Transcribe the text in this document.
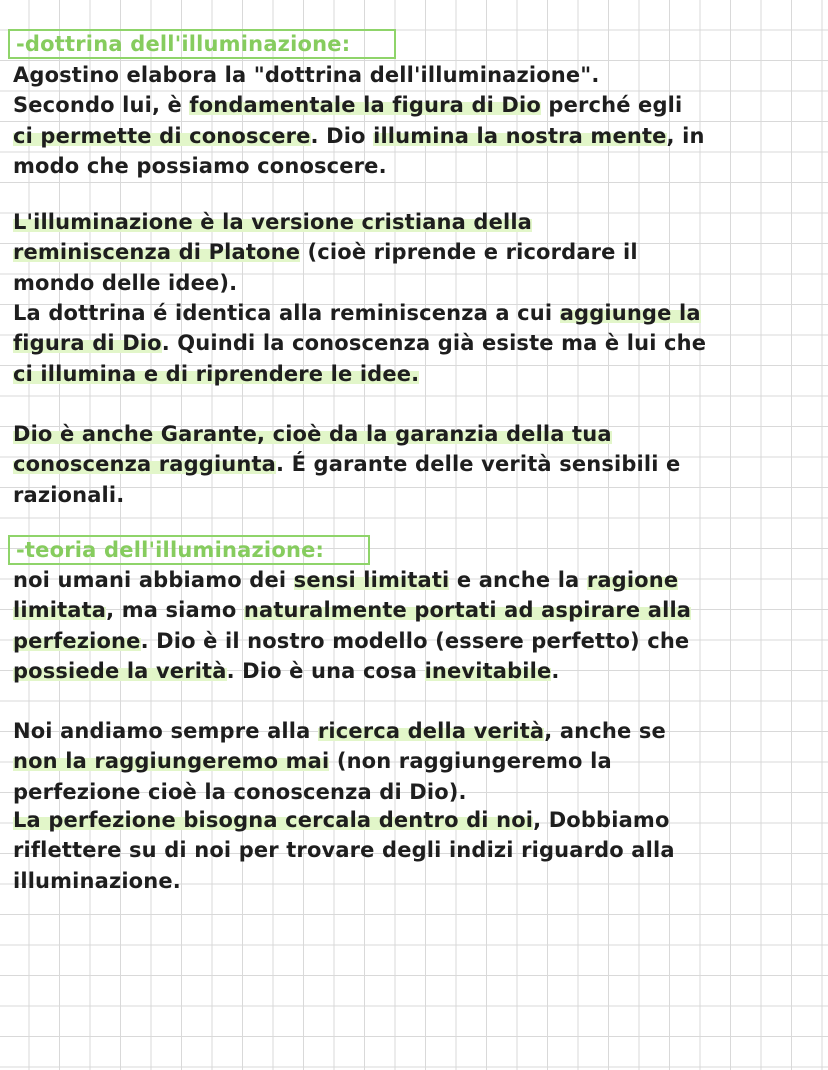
-dottrina dell'illuminazione:

Agostino elabora la "dottrina dell'illuminazione".
Secondo lui, è fondamentale la figura di Dio perché egli
ci permette di conoscere. Dio illumina la nostra mente, in
modo che possiamo conoscere.

L'illuminazione è la versione cristiana della
reminiscenza di Platone (cioè riprende e ricordare il
mondo delle idee).

La dottrina é identica alla reminiscenza a cui aggiunge la
figura di Dio. Quindi la conoscenza già esiste ma è lui che
ci illumina e di riprendere le idee.

Dio è anche Garante, cioè da la garanzia della tua
conoscenza raggiunta. É garante delle verità sensibili e
razionali.

-teoria dell'illuminazione:

noi umani abbiamo dei sensi limitati e anche la ragione
limitata, ma siamo naturalmente portati ad aspirare alla
perfezione. Dio è il nostro modello (essere perfetto) che
possiede la verità. Dio è una cosa inevitabile.

Noi andiamo sempre alla ricerca della verità, anche se
non la raggiungeremo mai (non raggiungeremo la
perfezione cioè la conoscenza di Dio).

La perfezione bisogna cercala dentro di noi, Dobbiamo
riflettere su di noi per trovare degli indizi riguardo alla
illuminazione.
